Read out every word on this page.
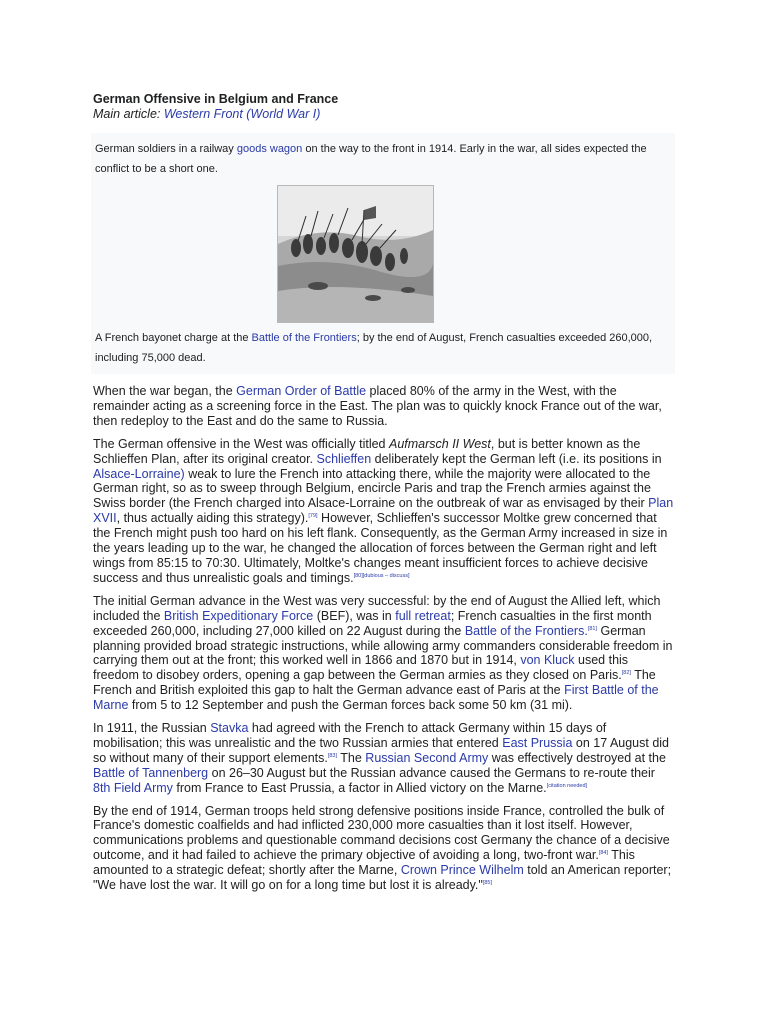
German Offensive in Belgium and France
Main article: Western Front (World War I)
German soldiers in a railway goods wagon on the way to the front in 1914. Early in the war, all sides expected the conflict to be a short one.
A French bayonet charge at the Battle of the Frontiers; by the end of August, French casualties exceeded 260,000, including 75,000 dead.

When the war began, the German Order of Battle placed 80% of the army in the West, with the remainder acting as a screening force in the East. The plan was to quickly knock France out of the war, then redeploy to the East and do the same to Russia.

The German offensive in the West was officially titled Aufmarsch II West, but is better known as the Schlieffen Plan, after its original creator. Schlieffen deliberately kept the German left (i.e. its positions in Alsace-Lorraine) weak to lure the French into attacking there, while the majority were allocated to the German right, so as to sweep through Belgium, encircle Paris and trap the French armies against the Swiss border (the French charged into Alsace-Lorraine on the outbreak of war as envisaged by their Plan XVII, thus actually aiding this strategy).[79] However, Schlieffen's successor Moltke grew concerned that the French might push too hard on his left flank. Consequently, as the German Army increased in size in the years leading up to the war, he changed the allocation of forces between the German right and left wings from 85:15 to 70:30. Ultimately, Moltke's changes meant insufficient forces to achieve decisive success and thus unrealistic goals and timings.[80][dubious – discuss]

The initial German advance in the West was very successful: by the end of August the Allied left, which included the British Expeditionary Force (BEF), was in full retreat; French casualties in the first month exceeded 260,000, including 27,000 killed on 22 August during the Battle of the Frontiers.[81] German planning provided broad strategic instructions, while allowing army commanders considerable freedom in carrying them out at the front; this worked well in 1866 and 1870 but in 1914, von Kluck used this freedom to disobey orders, opening a gap between the German armies as they closed on Paris.[82] The French and British exploited this gap to halt the German advance east of Paris at the First Battle of the Marne from 5 to 12 September and push the German forces back some 50 km (31 mi).

In 1911, the Russian Stavka had agreed with the French to attack Germany within 15 days of mobilisation; this was unrealistic and the two Russian armies that entered East Prussia on 17 August did so without many of their support elements.[83] The Russian Second Army was effectively destroyed at the Battle of Tannenberg on 26–30 August but the Russian advance caused the Germans to re-route their 8th Field Army from France to East Prussia, a factor in Allied victory on the Marne.[citation needed]

By the end of 1914, German troops held strong defensive positions inside France, controlled the bulk of France's domestic coalfields and had inflicted 230,000 more casualties than it lost itself. However, communications problems and questionable command decisions cost Germany the chance of a decisive outcome, and it had failed to achieve the primary objective of avoiding a long, two-front war.[84] This amounted to a strategic defeat; shortly after the Marne, Crown Prince Wilhelm told an American reporter; "We have lost the war. It will go on for a long time but lost it is already."[85]
